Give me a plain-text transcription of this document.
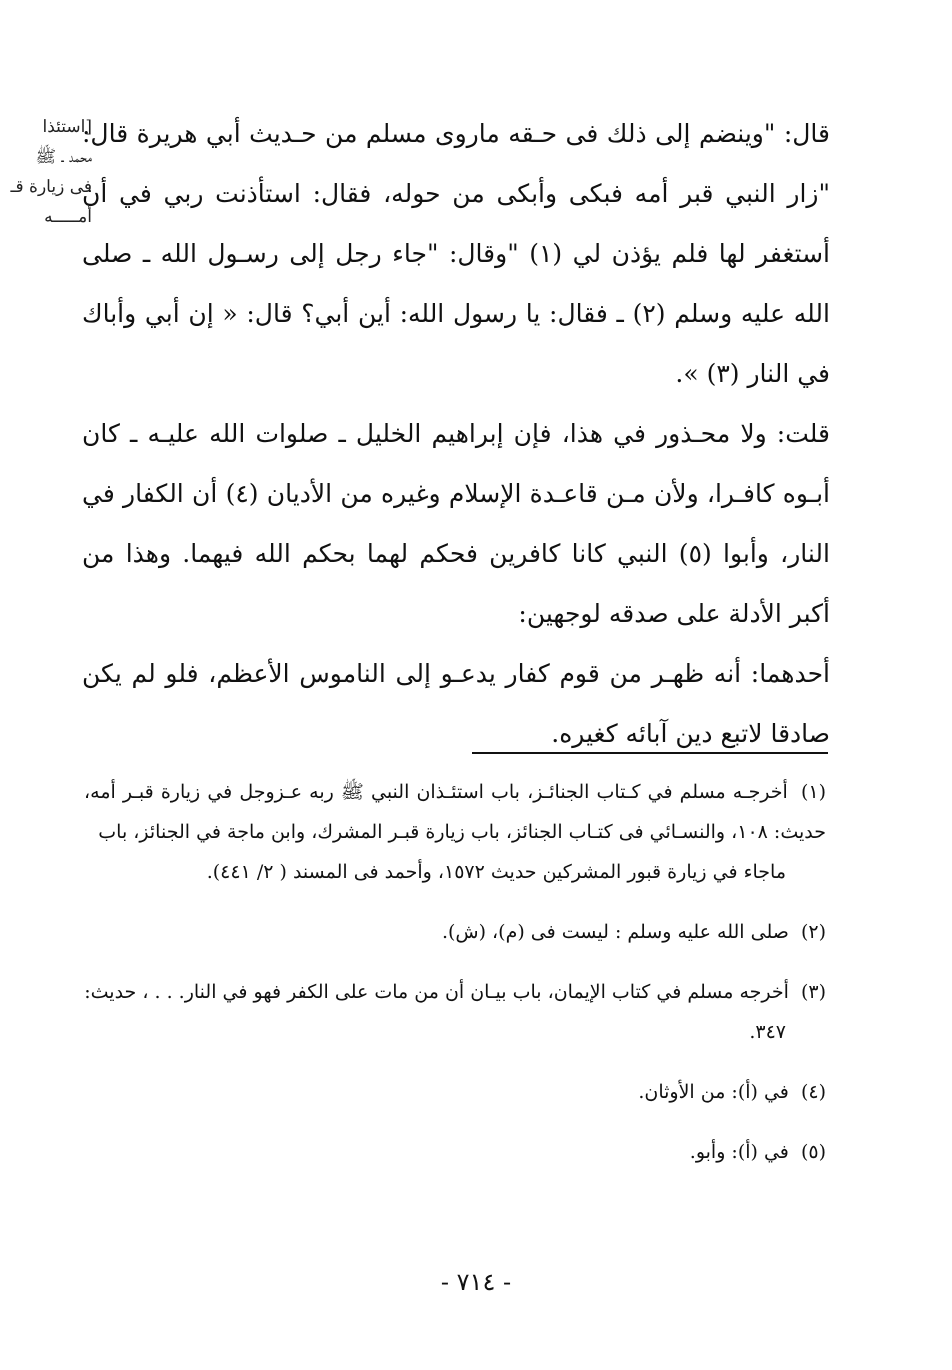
[استئذا
محمد ـ ﷺ
فى زيارة قـ
أمـــــه

قال: "وينضم إلى ذلك فى حـقه ماروى مسلم من حـديث أبي هريرة قال: "زار النبي قبر أمه فبكى وأبكى من حوله، فقال: استأذنت ربي في أن أستغفر لها فلم يؤذن لي (١) "وقال: "جاء رجل إلى رسـول الله ـ صلى الله عليه وسلم (٢) ـ فقال: يا رسول الله: أين أبي؟ قال: « إن أبي وأباك في النار (٣) ».

قلت: ولا محـذور في هذا، فإن إبراهيم الخليل ـ صلوات الله عليـه ـ كان أبـوه كافـرا، ولأن مـن قاعـدة الإسلام وغيره من الأديان (٤) أن الكفار في النار، وأبوا (٥) النبي كانا كافرين فحكم لهما بحكم الله فيهما. وهذا من أكبر الأدلة على صدقه لوجهين:

أحدهما: أنه ظهـر من قوم كفار يدعـو إلى الناموس الأعظم، فلو لم يكن صادقا لاتبع دين آبائه كغيره.

(١) أخرجـه مسلم في كـتاب الجنائـز، باب استئـذان النبي ﷺ ربه عـزوجل في زيارة قبـر أمه، حديث: ١٠٨، والنسـائي فى كتـاب الجنائز، باب زيارة قبـر المشرك، وابن ماجة في الجنائز، باب
ماجاء في زيارة قبور المشركين حديث ١٥٧٢، وأحمد فى المسند ( ٢/ ٤٤١).

(٢) صلى الله عليه وسلم : ليست فى (م)، (ش).

(٣) أخرجه مسلم في كتاب الإيمان، باب بيـان أن من مات على الكفر فهو في النار. . . ، حديث:
٣٤٧.

(٤) في (أ): من الأوثان.

(٥) في (أ): وأبو.

- ٧١٤ -
